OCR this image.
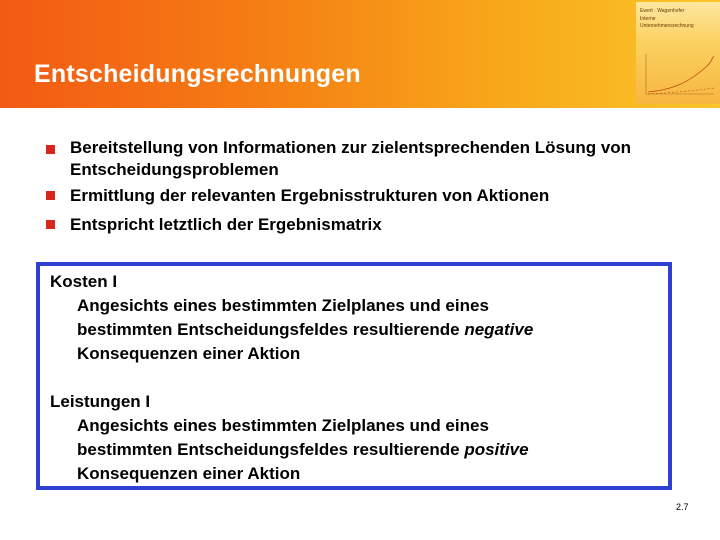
Entscheidungsrechnungen
Ewert · Wagenhofer
Interne
Unternehmensrechnung
Bereitstellung von Informationen zur zielentsprechenden Lösung von Entscheidungsproblemen
Ermittlung der relevanten Ergebnisstrukturen von Aktionen
Entspricht letztlich der Ergebnismatrix
Kosten I
Angesichts eines bestimmten Zielplanes und eines
bestimmten Entscheidungsfeldes resultierende negative
Konsequenzen einer Aktion
Leistungen I
Angesichts eines bestimmten Zielplanes und eines
bestimmten Entscheidungsfeldes resultierende positive
Konsequenzen einer Aktion
2.7
